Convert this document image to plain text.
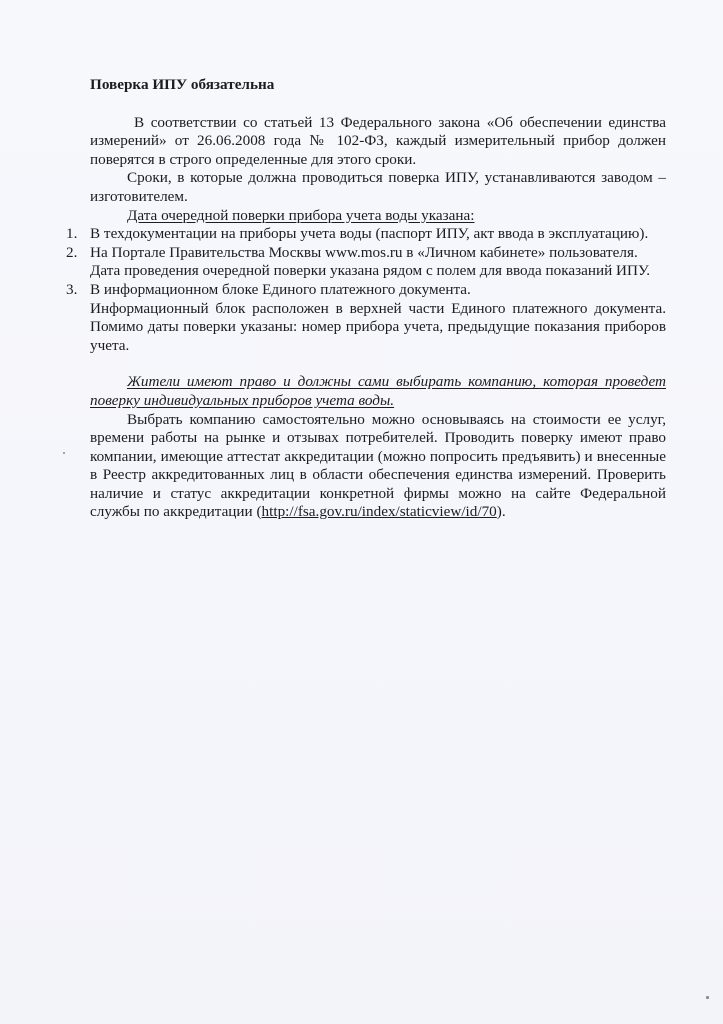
Поверка ИПУ обязательна

В соответствии со статьей 13 Федерального закона «Об обеспечении единства измерений» от 26.06.2008 года № 102-ФЗ, каждый измерительный прибор должен поверятся в строго определенные для этого сроки.

Сроки, в которые должна проводиться поверка ИПУ, устанавливаются заводом – изготовителем.

Дата очередной поверки прибора учета воды указана:

1. В техдокументации на приборы учета воды (паспорт ИПУ, акт ввода в эксплуатацию).

2. На Портале Правительства Москвы www.mos.ru в «Личном кабинете» пользователя.

Дата проведения очередной поверки указана рядом с полем для ввода показаний ИПУ.

3. В информационном блоке Единого платежного документа.

Информационный блок расположен в верхней части Единого платежного документа. Помимо даты поверки указаны: номер прибора учета, предыдущие показания приборов учета.

Жители имеют право и должны сами выбирать компанию, которая проведет поверку индивидуальных приборов учета воды.

Выбрать компанию самостоятельно можно основываясь на стоимости ее услуг, времени работы на рынке и отзывах потребителей. Проводить поверку имеют право компании, имеющие аттестат аккредитации (можно попросить предъявить) и внесенные в Реестр аккредитованных лиц в области обеспечения единства измерений. Проверить наличие и статус аккредитации конкретной фирмы можно на сайте Федеральной службы по аккредитации (http://fsa.gov.ru/index/staticview/id/70).
